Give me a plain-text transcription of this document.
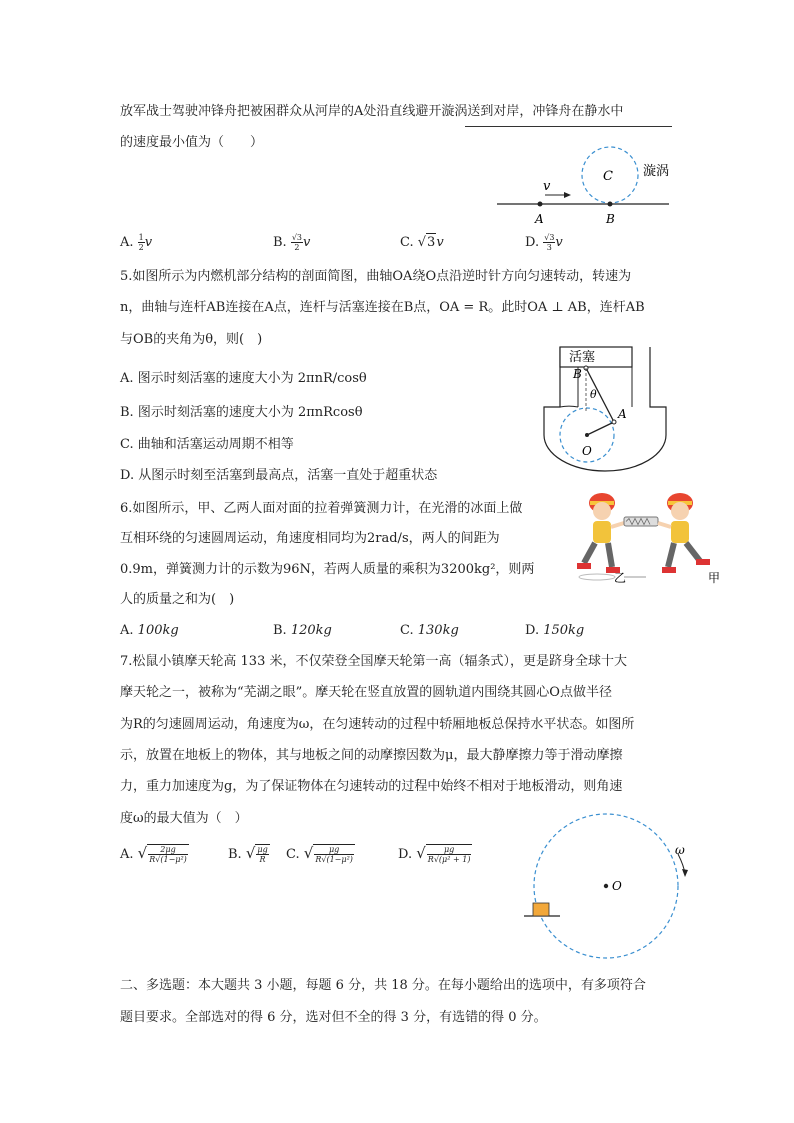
放军战士驾驶冲锋舟把被困群众从河岸的A处沿直线避开漩涡送到对岸，冲锋舟在静水中
的速度最小值为（　　）
v
C 漩涡
A	B
A. $\frac{1}{2}$ v	B. $\frac{√3}{2}$ v	C. √3v	D. $\frac{√3}{3}$ v
5.如图所示为内燃机部分结构的剖面简图，曲轴OA绕O点沿逆时针方向匀速转动，转速为
n，曲轴与连杆AB连接在A点，连杆与活塞连接在B点，OA = R。此时OA ⊥ AB，连杆AB
与OB的夹角为θ，则(　)
A. 图示时刻活塞的速度大小为 2πnR/cosθ
B. 图示时刻活塞的速度大小为 2πnRcosθ
C. 曲轴和活塞运动周期不相等
D. 从图示时刻至活塞到最高点，活塞一直处于超重状态
活塞
B
θ
A
O
6.如图所示，甲、乙两人面对面的拉着弹簧测力计，在光滑的冰面上做
互相环绕的匀速圆周运动，角速度相同均为2rad/s，两人的间距为
0.9m，弹簧测力计的示数为96N，若两人质量的乘积为3200kg²，则两
人的质量之和为(　)
A. 100kg	B. 120kg	C. 130kg	D. 150kg
乙	甲
7.松鼠小镇摩天轮高 133 米，不仅荣登全国摩天轮第一高（辐条式），更是跻身全球十大
摩天轮之一，被称为“芜湖之眼”。摩天轮在竖直放置的圆轨道内围绕其圆心O点做半径
为R的匀速圆周运动，角速度为ω，在匀速转动的过程中轿厢地板总保持水平状态。如图所
示，放置在地板上的物体，其与地板之间的动摩擦因数为μ，最大静摩擦力等于滑动摩擦
力，重力加速度为g，为了保证物体在匀速转动的过程中始终不相对于地板滑动，则角速
度ω的最大值为（　）
A. √ $\frac{2\mu g}{\text{R√(1−μ²)}}$	B. √ $\frac{\mu g}{R} C$. √ $\frac{\mu g}{\text{R√(1−μ²)}}$	D. √ $\frac{\mu g}{\text{R√(μ² + 1)}}$
O
ω
二、多选题：本大题共 3 小题，每题 6 分，共 18 分。在每小题给出的选项中，有多项符合
题目要求。全部选对的得 6 分，选对但不全的得 3 分，有选错的得 0 分。
